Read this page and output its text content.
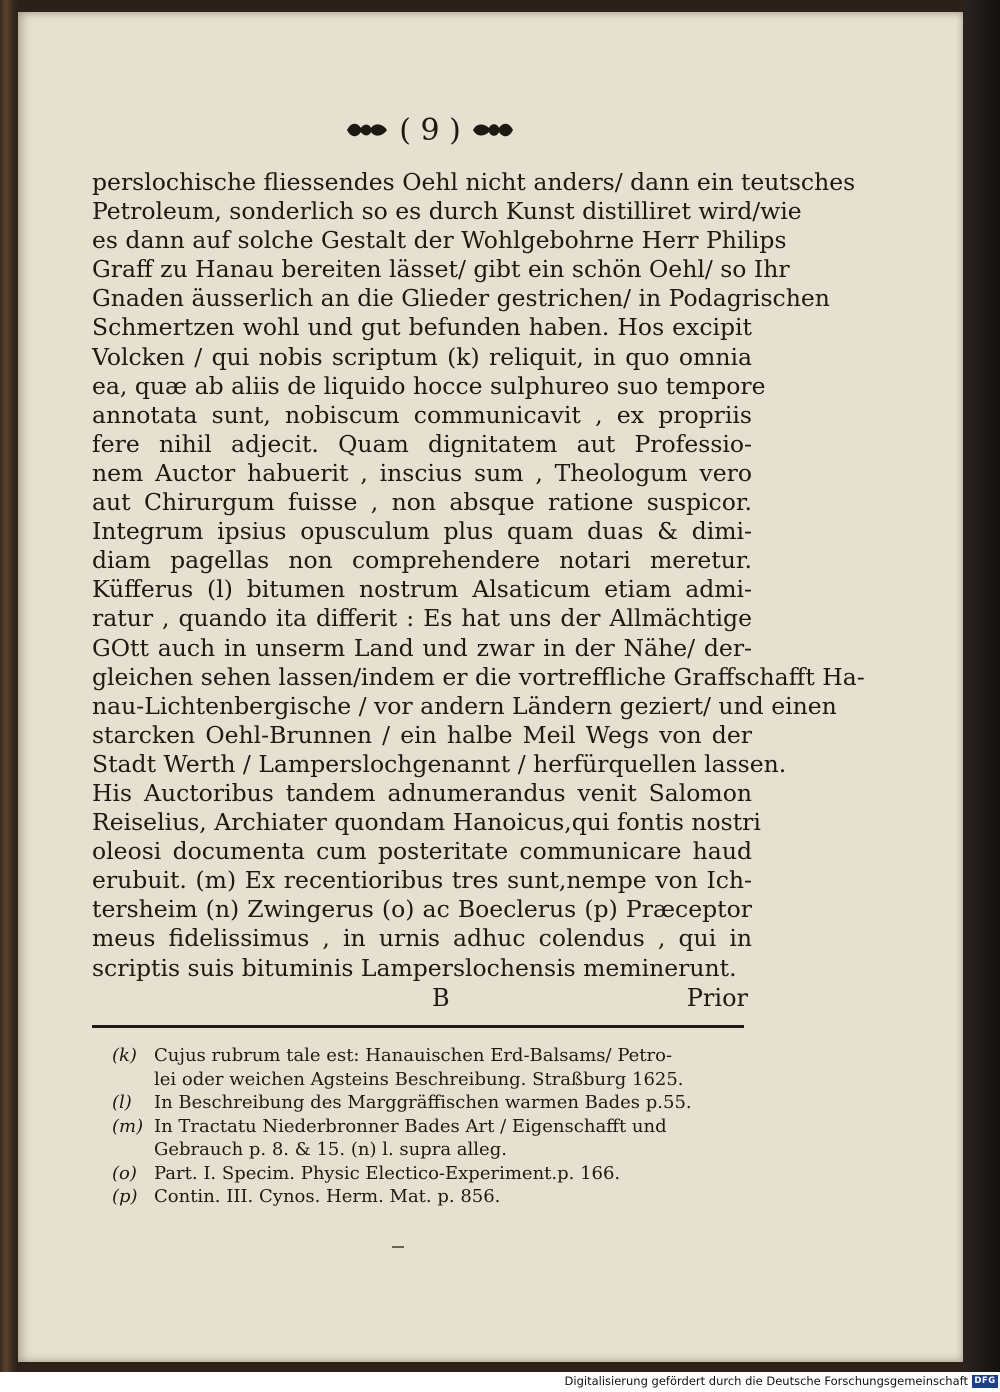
( 9 )
perslochische fliessendes Oehl nicht anders/ dann ein teutsches
Petroleum, sonderlich so es durch Kunst distilliret wird/wie
es dann auf solche Gestalt der Wohlgebohrne Herr Philips
Graff zu Hanau bereiten lässet/ gibt ein schön Oehl/ so Ihr
Gnaden äusserlich an die Glieder gestrichen/ in Podagrischen
Schmertzen wohl und gut befunden haben. Hos excipit
Volcken / qui nobis scriptum (k) reliquit, in quo omnia
ea, quæ ab aliis de liquido hocce sulphureo suo tempore
annotata sunt, nobiscum communicavit , ex propriis
fere nihil adjecit. Quam dignitatem aut Professio-
nem Auctor habuerit , inscius sum , Theologum vero
aut Chirurgum fuisse , non absque ratione suspicor.
Integrum ipsius opusculum plus quam duas & dimi-
diam pagellas non comprehendere notari meretur.
Küfferus (l) bitumen nostrum Alsaticum etiam admi-
ratur , quando ita differit : Es hat uns der Allmächtige
GOtt auch in unserm Land und zwar in der Nähe/ der-
gleichen sehen lassen/indem er die vortreffliche Graffschafft Ha-
nau-Lichtenbergische / vor andern Ländern geziert/ und einen
starcken Oehl-Brunnen / ein halbe Meil Wegs von der
Stadt Werth / Lamperslochgenannt / herfürquellen lassen.
His Auctoribus tandem adnumerandus venit Salomon
Reiselius, Archiater quondam Hanoicus,qui fontis nostri
oleosi documenta cum posteritate communicare haud
erubuit. (m) Ex recentioribus tres sunt,nempe von Ich-
tersheim (n) Zwingerus (o) ac Boeclerus (p) Præceptor
meus fidelissimus , in urnis adhuc colendus , qui in
scriptis suis bituminis Lamperslochensis meminerunt.
B	Prior
(k) Cujus rubrum tale est: Hanauischen Erd-Balsams/ Petro-
lei oder weichen Agsteins Beschreibung. Straßburg 1625.
(l)	In Beschreibung des Marggräffischen warmen Bades p.55.
(m) In Tractatu Niederbronner Bades Art / Eigenschafft und
Gebrauch p. 8. & 15. (n) l. supra alleg.
(o) Part. I. Specim. Physic Electico-Experiment.p. 166.
(p) Contin. III. Cynos. Herm. Mat. p. 856.
Digitalisierung gefördert durch die Deutsche Forschungsgemeinschaft DFG
